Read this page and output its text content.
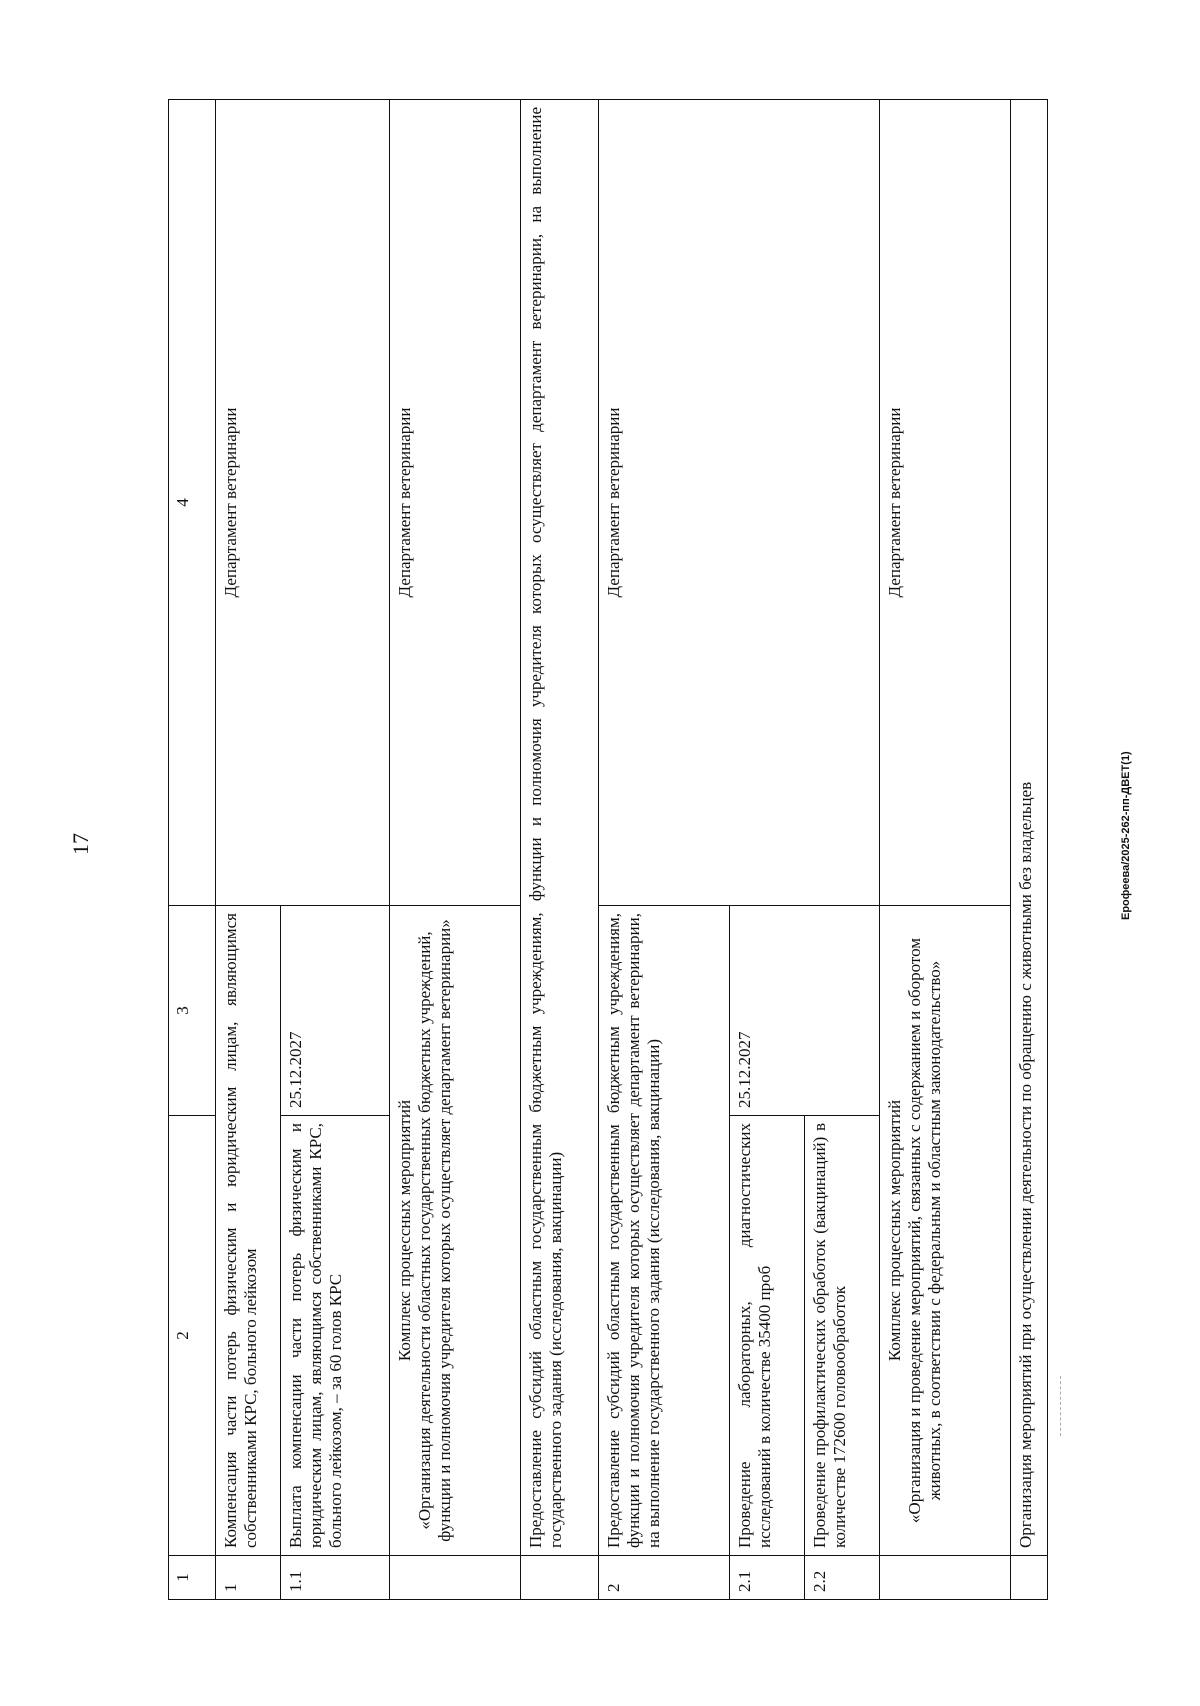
17	Ерофеева/2025-262-пп-ДВЕТ(1)
1	2	3	4
1	Компенсация части потерь физическим и юридическим лицам, являющимся собственниками КРС, больного лейкозом		Департамент ветеринарии
1.1	Выплата компенсации части потерь физическим и юридическим лицам, являющимся собственниками КРС, больного лейкозом, – за 60 голов КРС	25.12.2027	

	Комплекс процессных мероприятий «Организация деятельности областных государственных бюджетных учреждений, функции и полномочия учредителя которых осуществляет департамент ветеринарии»		Департамент ветеринарии
	Предоставление субсидий областным государственным бюджетным учреждениям, функции и полномочия учредителя которых осуществляет департамент ветеринарии, на выполнение государственного задания (исследования, вакцинации)		
2	Предоставление субсидий областным государственным бюджетным учреждениям, функции и полномочия учредителя которых осуществляет департамент ветеринарии, на выполнение государственного задания (исследования, вакцинации)		Департамент ветеринарии
2.1	Проведение лабораторных, диагностических исследований в количестве 35400 проб	25.12.2027	
2.2	Проведение профилактических обработок (вакцинаций) в количестве 172600 головообработок		

	Комплекс процессных мероприятий «Организация и проведение мероприятий, связанных с содержанием и оборотом животных, в соответствии с федеральным и областным законодательство»		Департамент ветеринарии
	Организация мероприятий при осуществлении деятельности по обращению с животными без владельцев		
